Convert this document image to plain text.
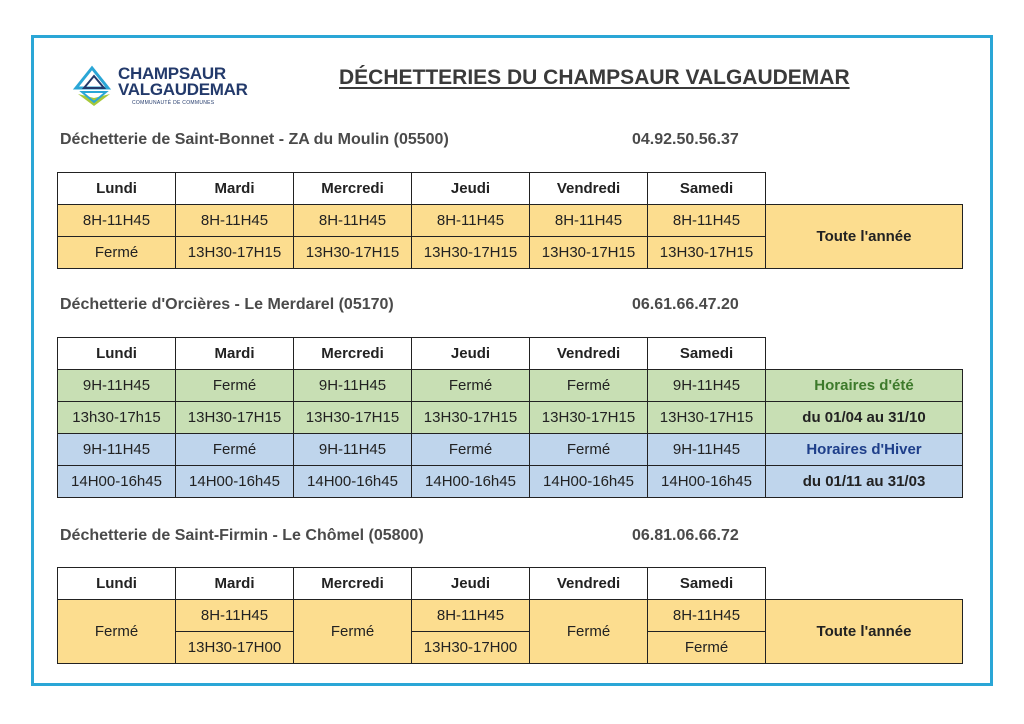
CHAMPSAUR
VALGAUDEMAR
COMMUNAUTÉ DE COMMUNES
DÉCHETTERIES DU CHAMPSAUR VALGAUDEMAR
Déchetterie de Saint-Bonnet - ZA du Moulin (05500)	04.92.50.56.37
Lundi	Mardi	Mercredi	Jeudi	Vendredi	Samedi	
8H-11H45	8H-11H45	8H-11H45	8H-11H45	8H-11H45	8H-11H45	Toute l'année
Fermé	13H30-17H15	13H30-17H15	13H30-17H15	13H30-17H15	13H30-17H15	
Déchetterie d'Orcières - Le Merdarel (05170)	06.61.66.47.20
Lundi	Mardi	Mercredi	Jeudi	Vendredi	Samedi	
9H-11H45	Fermé	9H-11H45	Fermé	Fermé	9H-11H45	Horaires d'été
13h30-17h15	13H30-17H15	13H30-17H15	13H30-17H15	13H30-17H15	13H30-17H15	du 01/04 au 31/10
9H-11H45	Fermé	9H-11H45	Fermé	Fermé	9H-11H45	Horaires d'Hiver
14H00-16h45	14H00-16h45	14H00-16h45	14H00-16h45	14H00-16h45	14H00-16h45	du 01/11 au 31/03
Déchetterie de Saint-Firmin - Le Chômel (05800)	06.81.06.66.72
Lundi	Mardi	Mercredi	Jeudi	Vendredi	Samedi	
Fermé	8H-11H45	Fermé	8H-11H45	Fermé	8H-11H45	Toute l'année
	13H30-17H00		13H30-17H00		Fermé	
